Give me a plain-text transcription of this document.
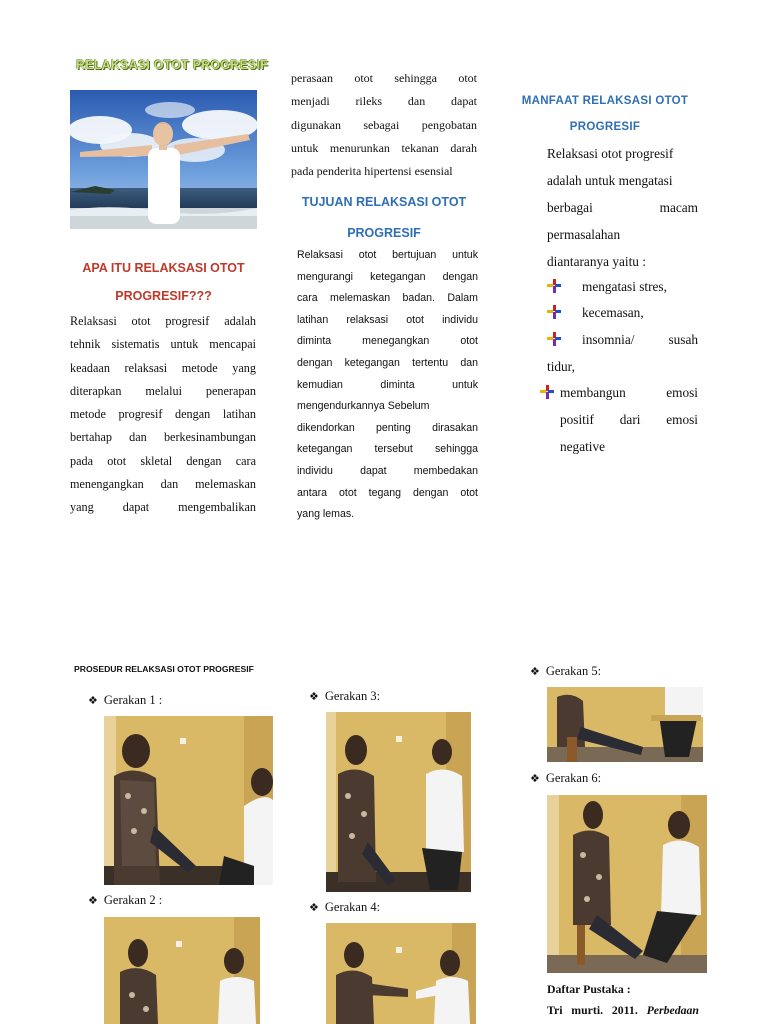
RELAKSASI OTOT PROGRESIF
APA ITU RELAKSASI OTOT
PROGRESIF???
Relaksasi otot progresif adalah
tehnik sistematis untuk mencapai
keadaan relaksasi metode yang
diterapkan melalui penerapan
metode progresif dengan latihan
bertahap dan berkesinambungan
pada otot skletal dengan cara
menengangkan dan melemaskan
yang dapat mengembalikan
perasaan otot sehingga otot
menjadi rileks dan dapat
digunakan sebagai pengobatan
untuk menurunkan tekanan darah
pada penderita hipertensi esensial
TUJUAN RELAKSASI OTOT
PROGRESIF
Relaksasi otot bertujuan untuk
mengurangi ketegangan dengan
cara melemaskan badan. Dalam
latihan relaksasi otot individu
diminta menegangkan otot
dengan ketegangan tertentu dan
kemudian diminta untuk
mengendurkannya Sebelum
dikendorkan penting dirasakan
ketegangan tersebut sehingga
individu dapat membedakan
antara otot tegang dengan otot
yang lemas.
MANFAAT RELAKSASI OTOT
PROGRESIF
Relaksasi otot progresif
adalah untuk mengatasi
berbagai macam
permasalahan
diantaranya yaitu :
mengatasi stres,
kecemasan,
insomnia/ susah
tidur,
membangun emosi
positif dari emosi
negative
PROSEDUR RELAKSASI OTOT PROGRESIF
❖ Gerakan 1 :
❖ Gerakan 2 :
❖ Gerakan 3:
❖ Gerakan 4:
❖ Gerakan 5:
❖ Gerakan 6:
Daftar Pustaka :
Tri murti. 2011. Perbedaan
